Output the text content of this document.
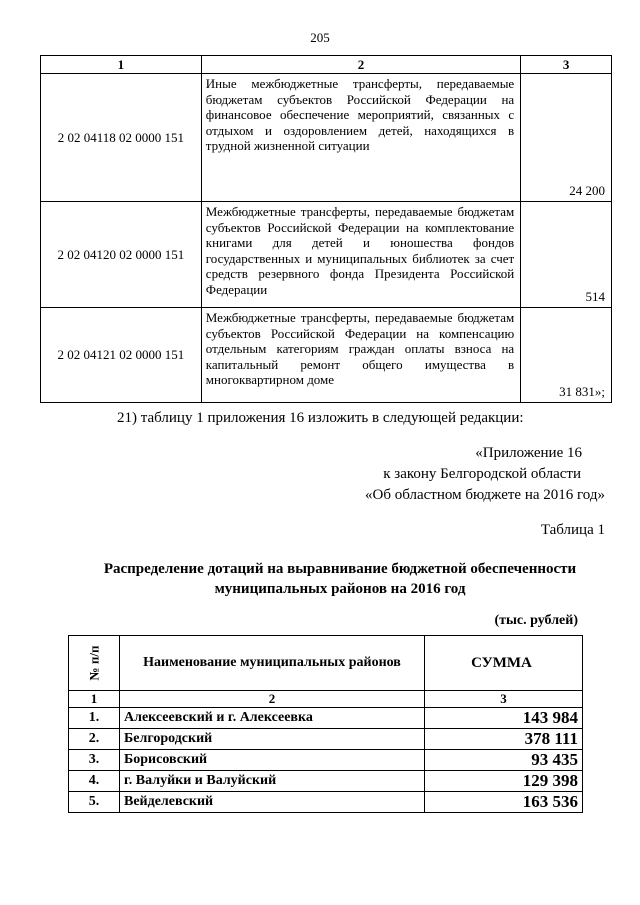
205
1	2	3
2 02 04118 02 0000 151	Иные межбюджетные трансферты, передаваемые бюджетам субъектов Российской Федерации на финансовое обеспечение мероприятий, связанных с отдыхом и оздоровлением детей, находящихся в трудной жизненной ситуации	24 200
2 02 04120 02 0000 151	Межбюджетные трансферты, передаваемые бюджетам субъектов Российской Федерации на комплектование книгами для детей и юношества фондов государственных и муниципальных библиотек за счет средств резервного фонда Президента Российской Федерации	514
2 02 04121 02 0000 151	Межбюджетные трансферты, передаваемые бюджетам субъектов Российской Федерации на компенсацию отдельным категориям граждан оплаты взноса на капитальный ремонт общего имущества в многоквартирном доме	31 831»;
21) таблицу 1 приложения 16 изложить в следующей редакции:
«Приложение 16
к закону Белгородской области
«Об областном бюджете на 2016 год»
Таблица 1
Распределение дотаций на выравнивание бюджетной обеспеченности
муниципальных районов на 2016 год
(тыс. рублей)
№ п/п	Наименование муниципальных районов	СУММА
1	2	3
1.	Алексеевский и г. Алексеевка	143 984
2.	Белгородский	378 111
3.	Борисовский	93 435
4.	г. Валуйки и Валуйский	129 398
5.	Вейделевский	163 536
